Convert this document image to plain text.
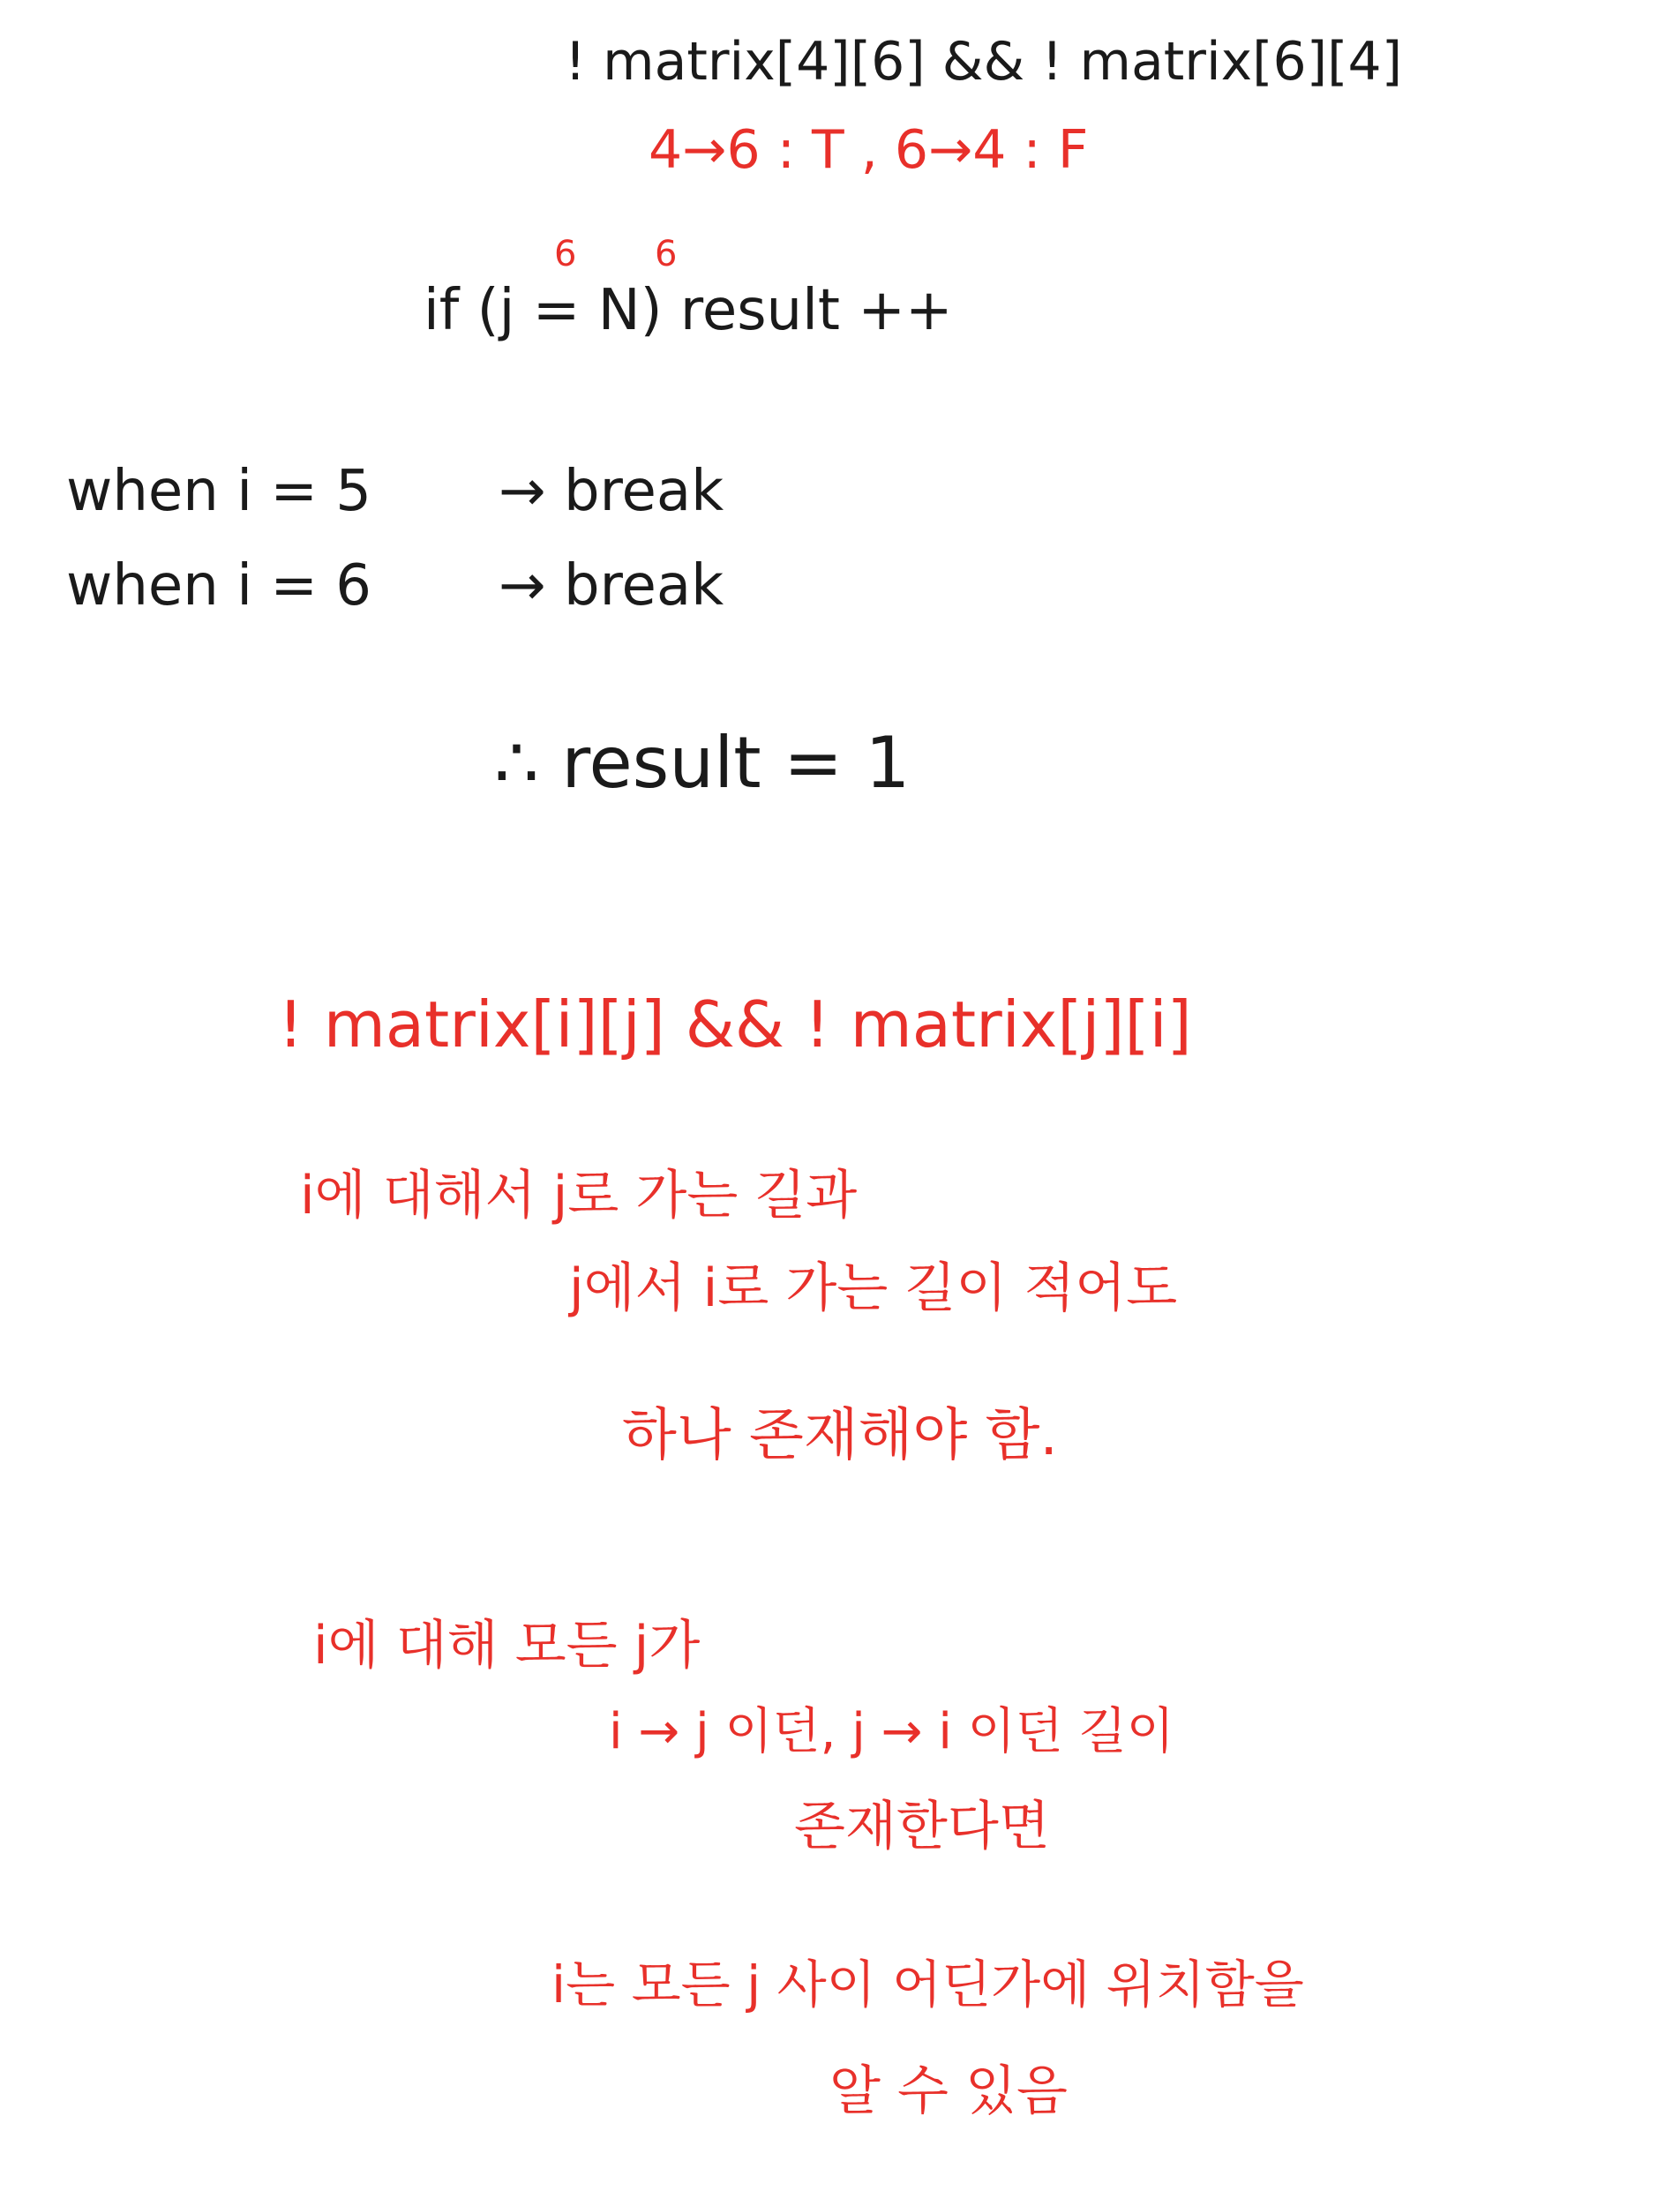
! matrix[4][6] && ! matrix[6][4]
4→6 : T , 6→4 : F
6 6
if (j = N) result ++
when i = 5 → break
when i = 6 → break
∴ result = 1
! matrix[i][j] && ! matrix[j][i]
i에 대해서 j로 가는 길과
j에서 i로 가는 길이 적어도
하나 존재해야 함.
i에 대해 모든 j가
i → j 이던, j → i 이던 길이
존재한다면
i는 모든 j 사이 어딘가에 위치함을
알 수 있음
